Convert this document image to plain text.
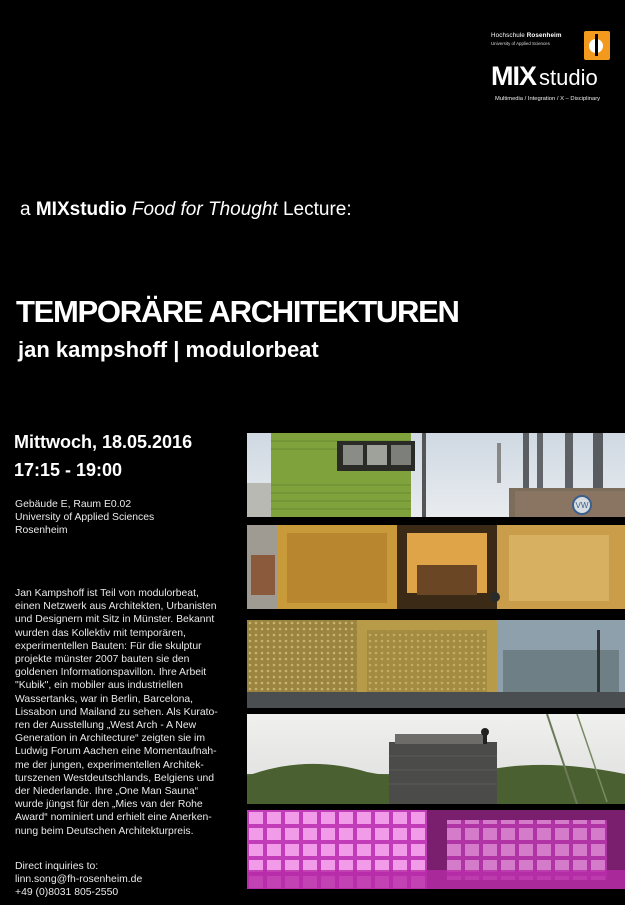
Hochschule Rosenheim
University of Applied Sciences
MIX studio
Multimedia / Integration / X – Disciplinary
a MIXstudio Food for Thought Lecture:
TEMPORÄRE ARCHITEKTUREN
jan kampshoff | modulorbeat
Mittwoch, 18.05.2016
17:15 - 19:00
Gebäude E, Raum E0.02
University of Applied Sciences
Rosenheim
Jan Kampshoff ist Teil von modulorbeat,
einen Netzwerk aus Architekten, Urbanisten
und Designern mit Sitz in Münster. Bekannt
wurden das Kollektiv mit temporären,
experimentellen Bauten: Für die skulptur
projekte münster 2007 bauten sie den
goldenen Informationspavillon. Ihre Arbeit
"Kubik", ein mobiler aus industriellen
Wassertanks, war in Berlin, Barcelona,
Lissabon und Mailand zu sehen. Als Kurato-
ren der Ausstellung „West Arch - A New
Generation in Architecture“ zeigten sie im
Ludwig Forum Aachen eine Momentaufnah-
me der jungen, experimentellen Architek-
turszenen Westdeutschlands, Belgiens und
der Niederlande. Ihre „One Man Sauna“
wurde jüngst für den „Mies van der Rohe
Award“ nominiert und erhielt eine Anerken-
nung beim Deutschen Architekturpreis.
Direct inquiries to:
linn.song@fh-rosenheim.de
+49 (0)8031 805-2550
VW
